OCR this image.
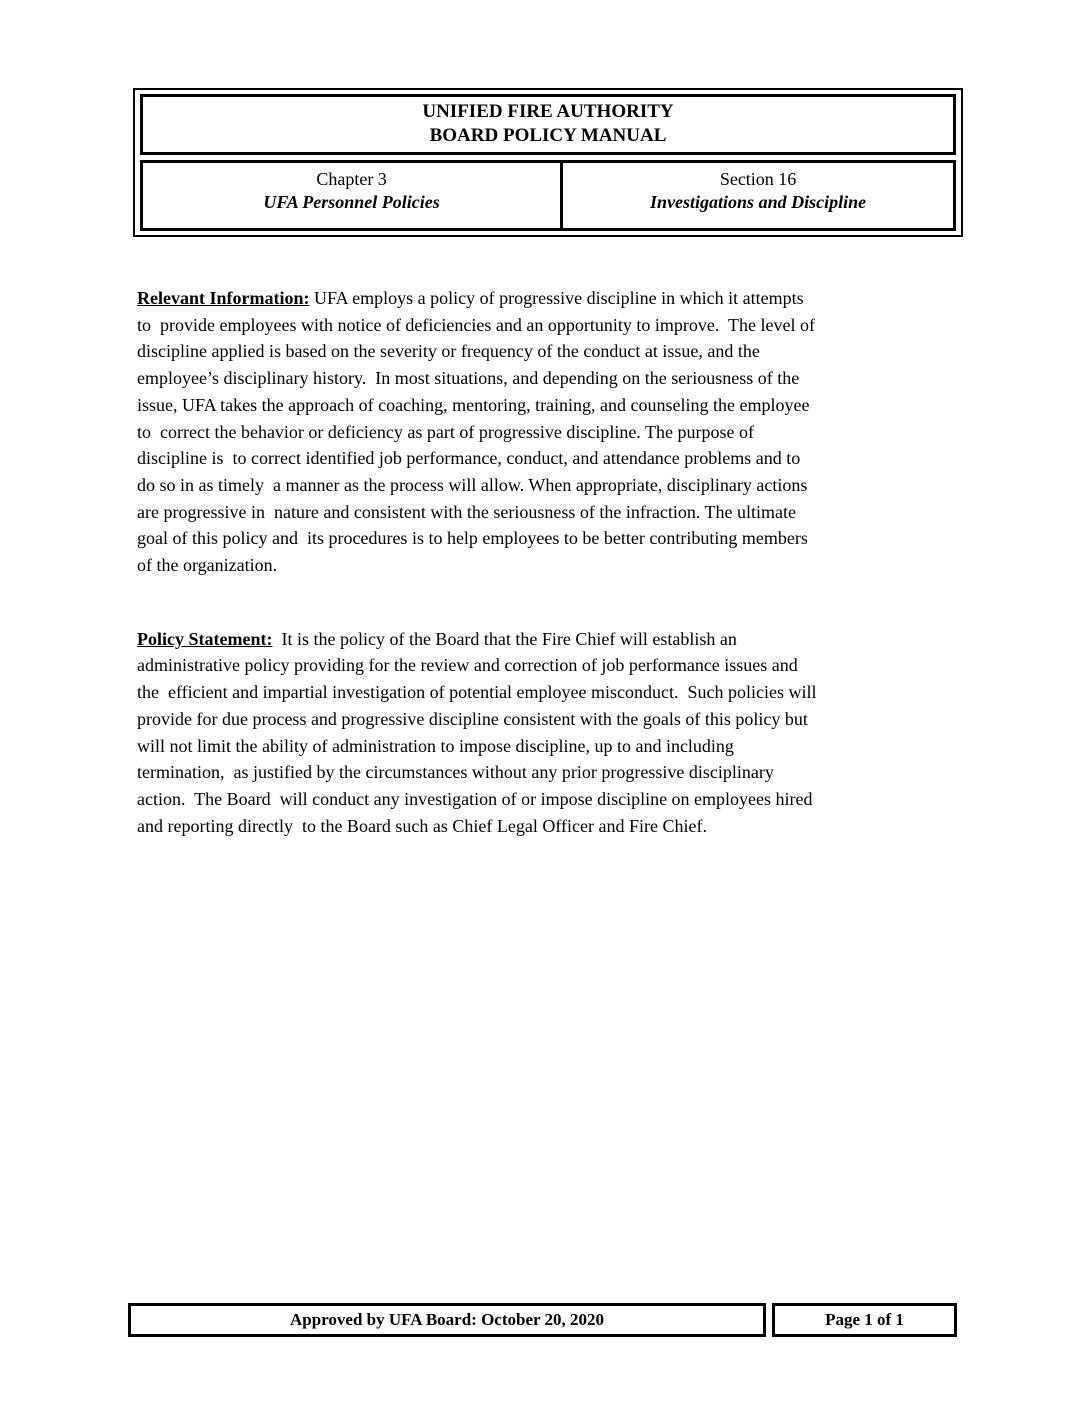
UNIFIED FIRE AUTHORITY
BOARD POLICY MANUAL
Chapter 3
UFA Personnel Policies
Section 16
Investigations and Discipline
Relevant Information: UFA employs a policy of progressive discipline in which it attempts
to  provide employees with notice of deficiencies and an opportunity to improve.  The level of
discipline applied is based on the severity or frequency of the conduct at issue, and the
employee’s disciplinary history.  In most situations, and depending on the seriousness of the
issue, UFA takes the approach of coaching, mentoring, training, and counseling the employee
to  correct the behavior or deficiency as part of progressive discipline. The purpose of
discipline is  to correct identified job performance, conduct, and attendance problems and to
do so in as timely  a manner as the process will allow. When appropriate, disciplinary actions
are progressive in  nature and consistent with the seriousness of the infraction. The ultimate
goal of this policy and  its procedures is to help employees to be better contributing members
of the organization.
Policy Statement:  It is the policy of the Board that the Fire Chief will establish an
administrative policy providing for the review and correction of job performance issues and
the  efficient and impartial investigation of potential employee misconduct.  Such policies will
provide for due process and progressive discipline consistent with the goals of this policy but
will not limit the ability of administration to impose discipline, up to and including
termination,  as justified by the circumstances without any prior progressive disciplinary
action.  The Board  will conduct any investigation of or impose discipline on employees hired
and reporting directly  to the Board such as Chief Legal Officer and Fire Chief.
Approved by UFA Board: October 20, 2020	Page 1 of 1
